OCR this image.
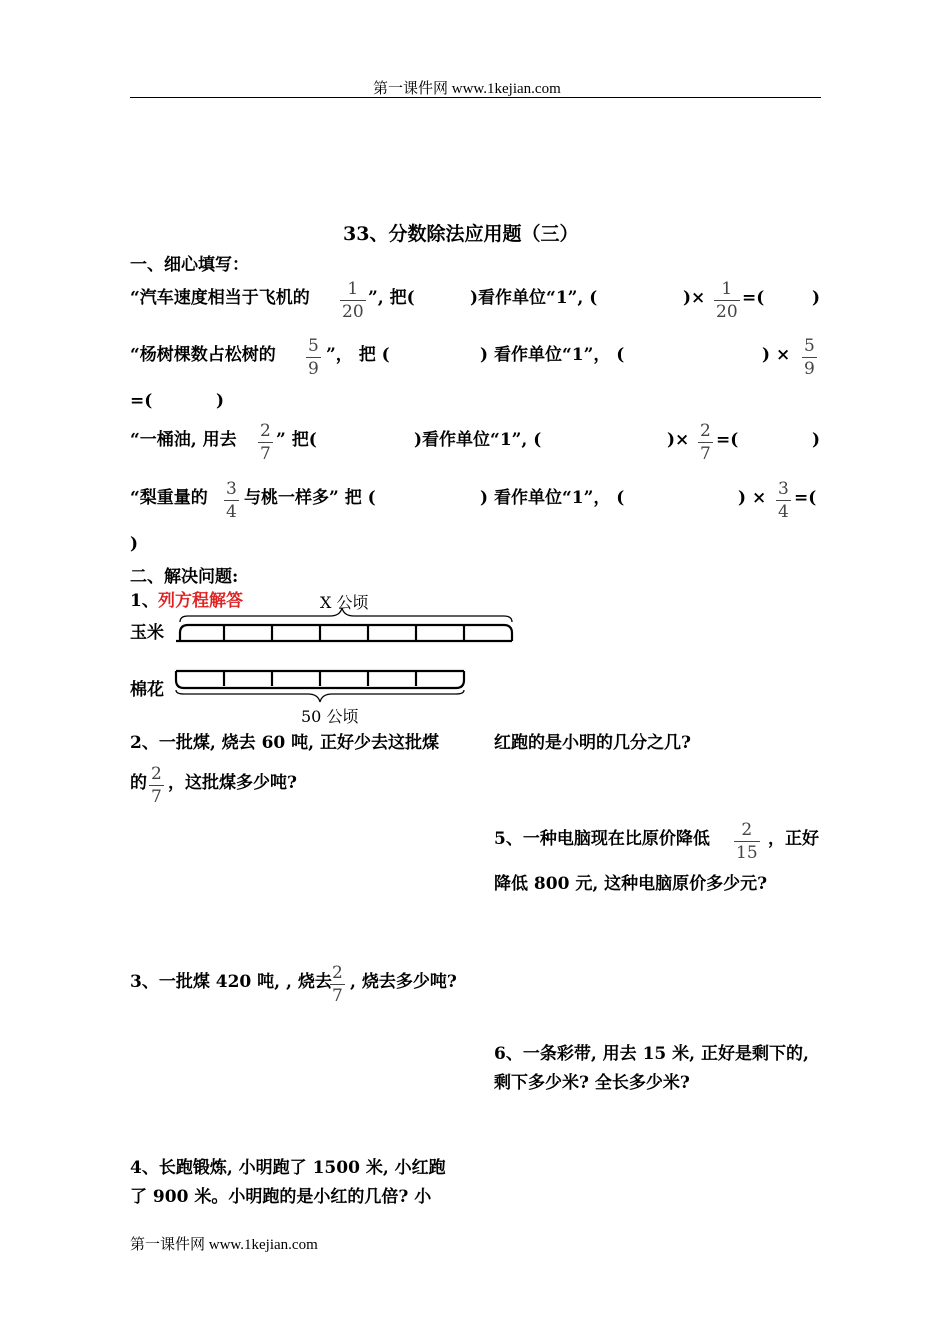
第一课件网 www.1kejian.com
33、分数除法应用题（三）
一、细心填写：
“汽车速度相当于飞机的 1
20
”, 把(	)看作单位“1”, (	)× 1
20
=(	)
“杨树棵数占松树的 5
9
”， 把 (	) 看作单位“1”， (	) × 5
9
=(	)
“一桶油, 用去 2
7
” 把(	)看作单位“1”, (	)× 2
7
=(	)
“梨重量的 3
4
与桃一样多” 把 (	) 看作单位“1”， (	) × 3
4
=(
)
二、解决问题:
1、 列方程解答	X 公顷
玉米
棉花
50 公顷
2、一批煤, 烧去 60 吨, 正好少去这批煤
的 2
7
，这批煤多少吨?
红跑的是小明的几分之几?
5、一种电脑现在比原价降低 2
15
，正好
降低 800 元, 这种电脑原价多少元?
3、一批煤 420 吨, , 烧去 2
7
, 烧去多少吨?
6、一条彩带, 用去 15 米, 正好是剩下的,
剩下多少米? 全长多少米?
4、长跑锻炼, 小明跑了 1500 米, 小红跑
了 900 米。小明跑的是小红的几倍? 小
第一课件网 www.1kejian.com
